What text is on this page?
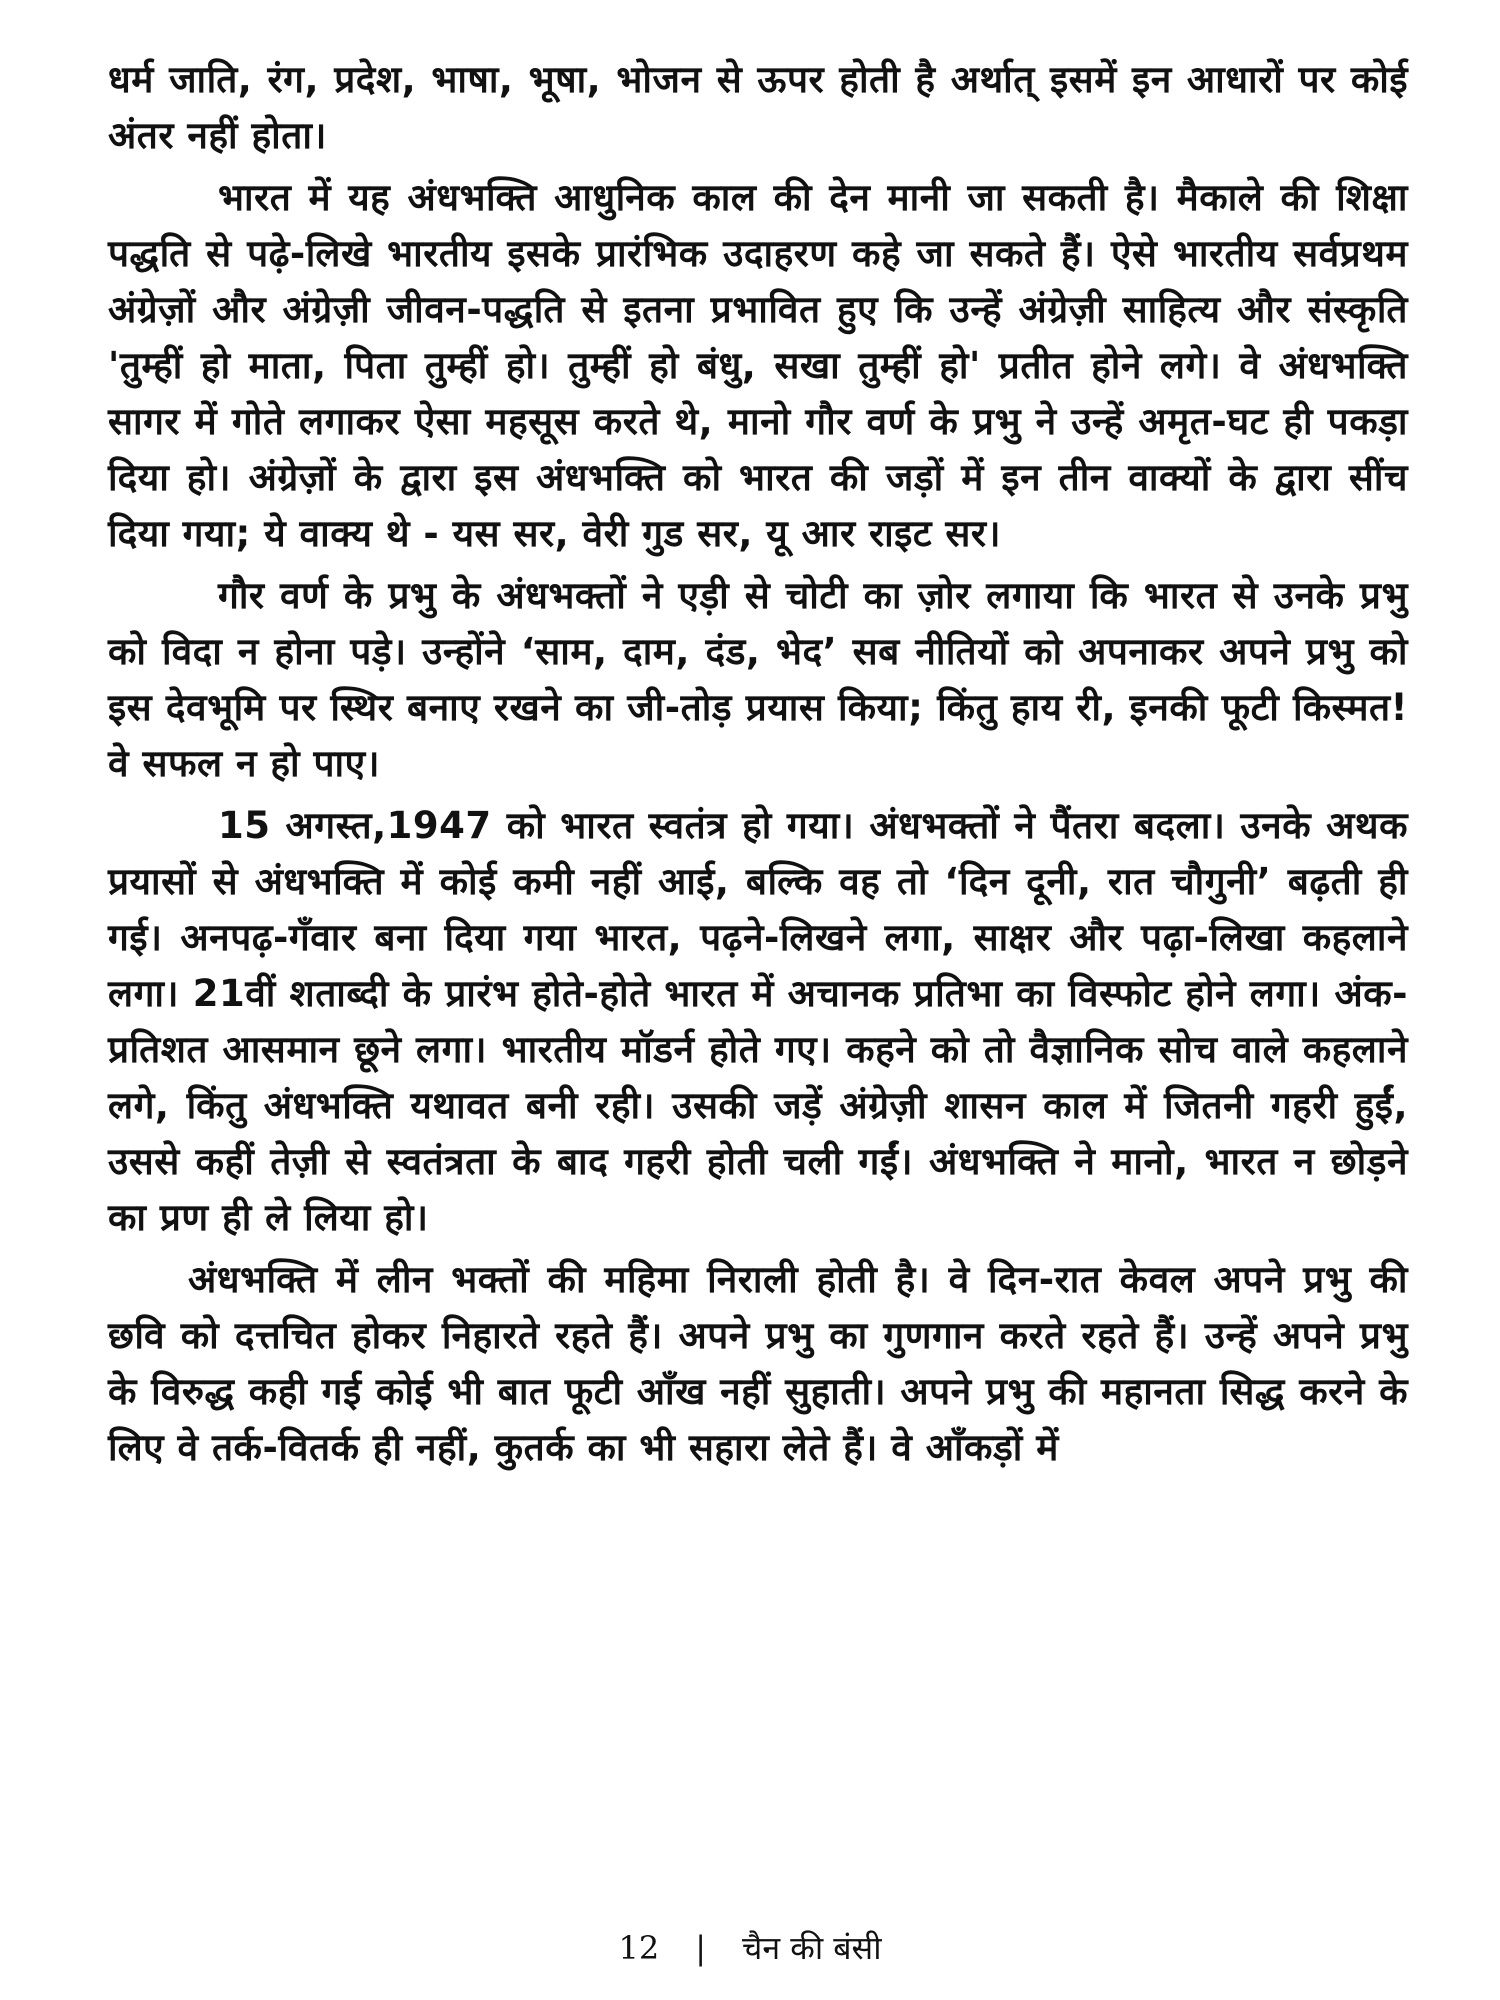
धर्म जाति, रंग, प्रदेश, भाषा, भूषा, भोजन से ऊपर होती है अर्थात् इसमें इन आधारों पर कोई अंतर नहीं होता।

भारत में यह अंधभक्ति आधुनिक काल की देन मानी जा सकती है। मैकाले की शिक्षा पद्धति से पढ़े-लिखे भारतीय इसके प्रारंभिक उदाहरण कहे जा सकते हैं। ऐसे भारतीय सर्वप्रथम अंग्रेज़ों और अंग्रेज़ी जीवन-पद्धति से इतना प्रभावित हुए कि उन्हें अंग्रेज़ी साहित्य और संस्कृति 'तुम्हीं हो माता, पिता तुम्हीं हो। तुम्हीं हो बंधु, सखा तुम्हीं हो' प्रतीत होने लगे। वे अंधभक्ति सागर में गोते लगाकर ऐसा महसूस करते थे, मानो गौर वर्ण के प्रभु ने उन्हें अमृत-घट ही पकड़ा दिया हो। अंग्रेज़ों के द्वारा इस अंधभक्ति को भारत की जड़ों में इन तीन वाक्यों के द्वारा सींच दिया गया; ये वाक्य थे - यस सर, वेरी गुड सर, यू आर राइट सर।

गौर वर्ण के प्रभु के अंधभक्तों ने एड़ी से चोटी का ज़ोर लगाया कि भारत से उनके प्रभु को विदा न होना पड़े। उन्होंने ‘साम, दाम, दंड, भेद’ सब नीतियों को अपनाकर अपने प्रभु को इस देवभूमि पर स्थिर बनाए रखने का जी-तोड़ प्रयास किया; किंतु हाय री, इनकी फूटी किस्मत! वे सफल न हो पाए।

15 अगस्त,1947 को भारत स्वतंत्र हो गया। अंधभक्तों ने पैंतरा बदला। उनके अथक प्रयासों से अंधभक्ति में कोई कमी नहीं आई, बल्कि वह तो ‘दिन दूनी, रात चौगुनी’ बढ़ती ही गई। अनपढ़-गँवार बना दिया गया भारत, पढ़ने-लिखने लगा, साक्षर और पढ़ा-लिखा कहलाने लगा। 21वीं शताब्दी के प्रारंभ होते-होते भारत में अचानक प्रतिभा का विस्फोट होने लगा। अंक-प्रतिशत आसमान छूने लगा। भारतीय मॉडर्न होते गए। कहने को तो वैज्ञानिक सोच वाले कहलाने लगे, किंतु अंधभक्ति यथावत बनी रही। उसकी जड़ें अंग्रेज़ी शासन काल में जितनी गहरी हुईं, उससे कहीं तेज़ी से स्वतंत्रता के बाद गहरी होती चली गईं। अंधभक्ति ने मानो, भारत न छोड़ने का प्रण ही ले लिया हो।

अंधभक्ति में लीन भक्तों की महिमा निराली होती है। वे दिन-रात केवल अपने प्रभु की छवि को दत्तचित होकर निहारते रहते हैं। अपने प्रभु का गुणगान करते रहते हैं। उन्हें अपने प्रभु के विरुद्ध कही गई कोई भी बात फूटी आँख नहीं सुहाती। अपने प्रभु की महानता सिद्ध करने के लिए वे तर्क-वितर्क ही नहीं, कुतर्क का भी सहारा लेते हैं। वे आँकड़ों में

12 | चैन की बंसी
